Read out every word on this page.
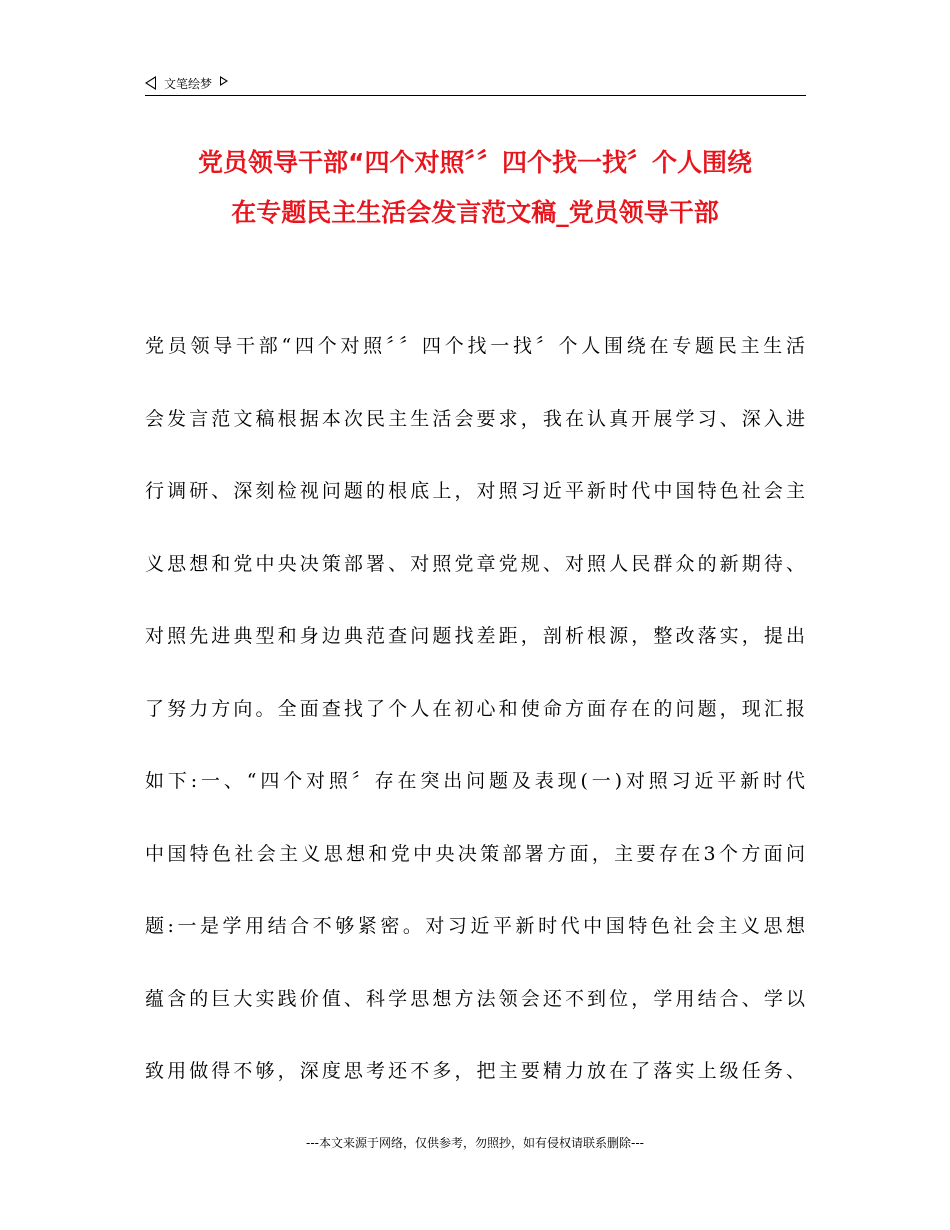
文笔绘梦
党员领导干部“四个对照〞〞四个找一找〞个人围绕
在专题民主生活会发言范文稿_党员领导干部
党员领导干部“四个对照〞〞四个找一找〞个人围绕在专题民主生活
会发言范文稿根据本次民主生活会要求，我在认真开展学习、深入进
行调研、深刻检视问题的根底上，对照习近平新时代中国特色社会主
义思想和党中央决策部署、对照党章党规、对照人民群众的新期待、
对照先进典型和身边典范查问题找差距，剖析根源，整改落实，提出
了努力方向。全面查找了个人在初心和使命方面存在的问题，现汇报
如下:一、“四个对照〞存在突出问题及表现(一)对照习近平新时代
中国特色社会主义思想和党中央决策部署方面，主要存在3个方面问
题:一是学用结合不够紧密。对习近平新时代中国特色社会主义思想
蕴含的巨大实践价值、科学思想方法领会还不到位，学用结合、学以
致用做得不够，深度思考还不多，把主要精力放在了落实上级任务、
---本文来源于网络，仅供参考，勿照抄，如有侵权请联系删除---
